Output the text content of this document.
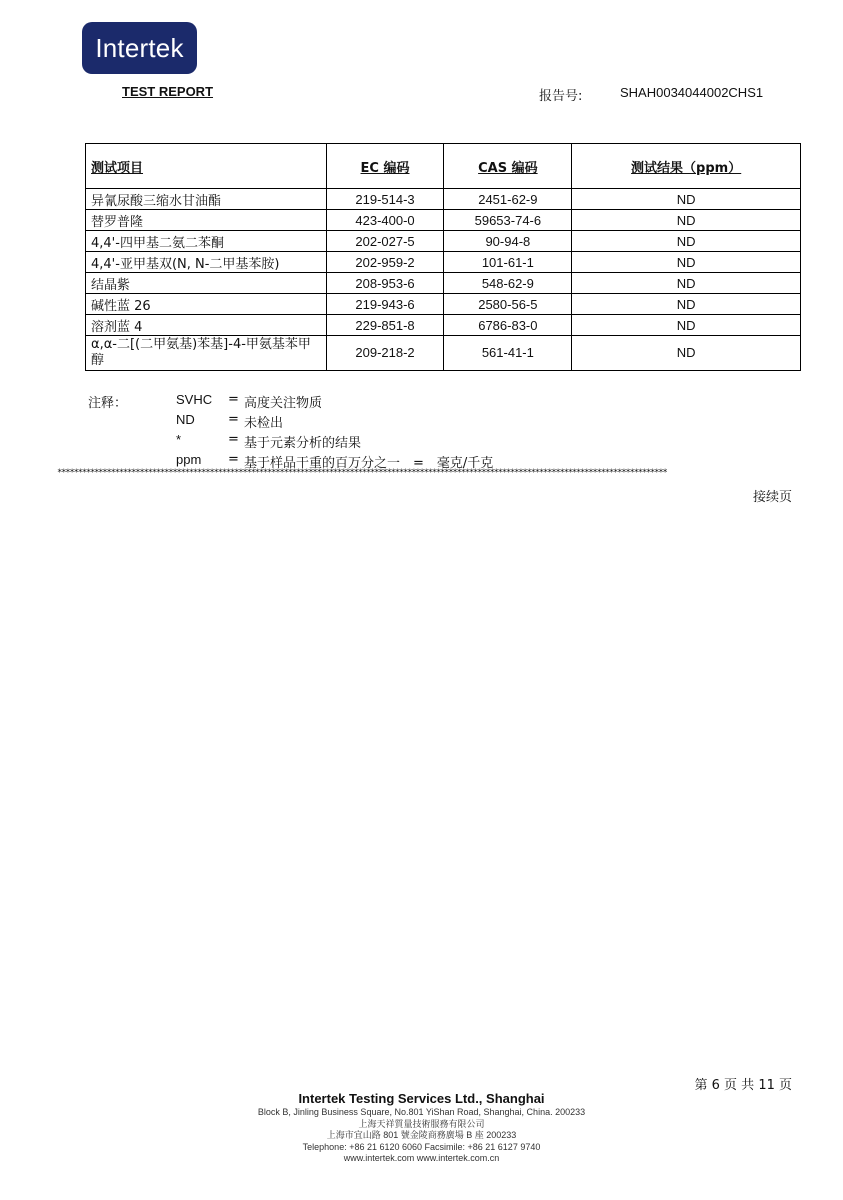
Intertek
TEST REPORT	报告号:	SHAH0034044002CHS1
测试项目	EC 编码	CAS 编码	测试结果（ppm）
异氰尿酸三缩水甘油酯	219-514-3	2451-62-9	ND
替罗普隆	423-400-0	59653-74-6	ND
4,4'-四甲基二氨二苯酮	202-027-5	90-94-8	ND
4,4'-亚甲基双(N, N-二甲基苯胺)	202-959-2	101-61-1	ND
结晶紫	208-953-6	548-62-9	ND
碱性蓝 26	219-943-6	2580-56-5	ND
溶剂蓝 4	229-851-8	6786-83-0	ND
α,α-二[(二甲氨基)苯基]-4-甲氨基苯甲醇	209-218-2	561-41-1	ND
注释：	SVHC	= 高度关注物质
ND	= 未检出
*	= 基于元素分析的结果
ppm	= 基于样品干重的百万分之一　=　毫克/千克
****************************************************************************************************************************************************
接续页
第 6 页 共 11 页
Intertek Testing Services Ltd., Shanghai
Block B, Jinling Business Square, No.801 YiShan Road, Shanghai, China. 200233
上海天祥質量技術服務有限公司
上海市宜山路 801 號金陵商務廣場 B 座 200233
Telephone: +86 21 6120 6060 Facsimile: +86 21 6127 9740
www.intertek.com www.intertek.com.cn
